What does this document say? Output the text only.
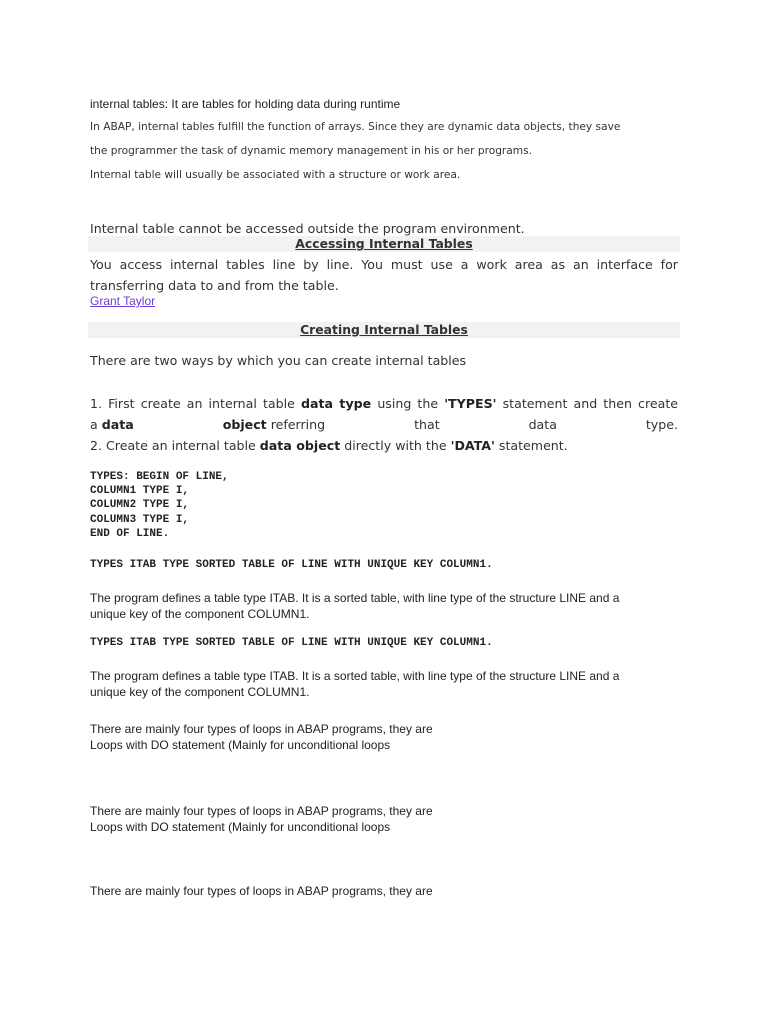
internal tables: It are tables for holding data during runtime

In ABAP, internal tables fulfill the function of arrays. Since they are dynamic data objects, they save

the programmer the task of dynamic memory management in his or her programs.

Internal table will usually be associated with a structure or work area.

Internal table cannot be accessed outside the program environment.

Accessing Internal Tables

You access internal tables line by line. You must use a work area as an interface for

transferring data to and from the table.

Grant Taylor
Creating Internal Tables

There are two ways by which you can create internal tables

1. First create an internal table data type using the 'TYPES' statement and then create

a data	object referring	that	data	type.

2. Create an internal table data object directly with the 'DATA' statement.

TYPES: BEGIN OF LINE,
COLUMN1 TYPE I,
COLUMN2 TYPE I,
COLUMN3 TYPE I,
END OF LINE.

TYPES ITAB TYPE SORTED TABLE OF LINE WITH UNIQUE KEY COLUMN1.

The program defines a table type ITAB. It is a sorted table, with line type of the structure LINE and a

unique key of the component COLUMN1.

TYPES ITAB TYPE SORTED TABLE OF LINE WITH UNIQUE KEY COLUMN1.

The program defines a table type ITAB. It is a sorted table, with line type of the structure LINE and a

unique key of the component COLUMN1.

There are mainly four types of loops in ABAP programs, they are

Loops with DO statement (Mainly for unconditional loops

There are mainly four types of loops in ABAP programs, they are

Loops with DO statement (Mainly for unconditional loops

There are mainly four types of loops in ABAP programs, they are
